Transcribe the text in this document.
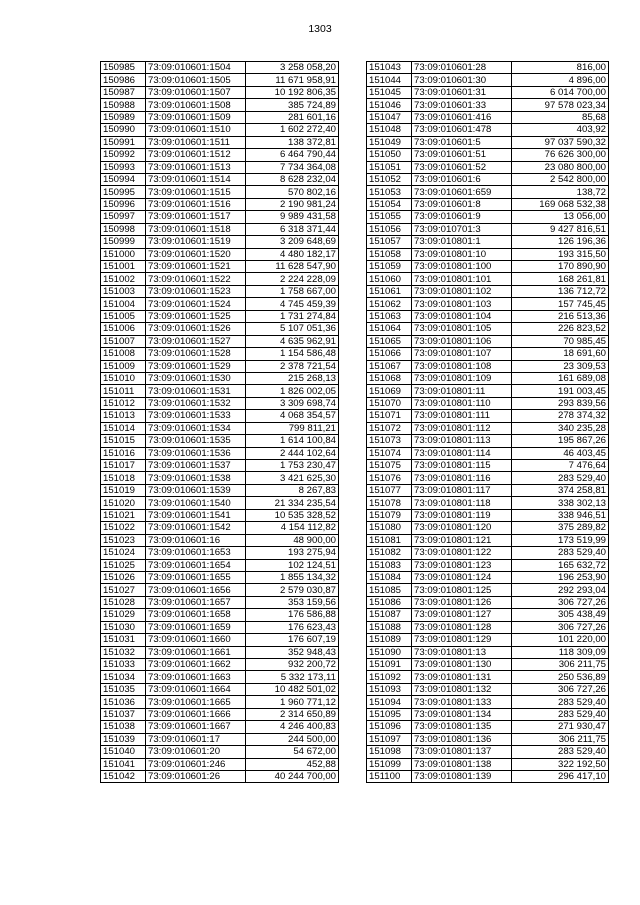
1303
150985	73:09:010601:1504	3 258 058,20
150986	73:09:010601:1505	11 671 958,91
150987	73:09:010601:1507	10 192 806,35
150988	73:09:010601:1508	385 724,89
150989	73:09:010601:1509	281 601,16
150990	73:09:010601:1510	1 602 272,40
150991	73:09:010601:1511	138 372,81
150992	73:09:010601:1512	6 464 790,44
150993	73:09:010601:1513	7 734 364,08
150994	73:09:010601:1514	8 628 232,04
150995	73:09:010601:1515	570 802,16
150996	73:09:010601:1516	2 190 981,24
150997	73:09:010601:1517	9 989 431,58
150998	73:09:010601:1518	6 318 371,44
150999	73:09:010601:1519	3 209 648,69
151000	73:09:010601:1520	4 480 182,17
151001	73:09:010601:1521	11 628 547,90
151002	73:09:010601:1522	2 224 228,09
151003	73:09:010601:1523	1 758 667,00
151004	73:09:010601:1524	4 745 459,39
151005	73:09:010601:1525	1 731 274,84
151006	73:09:010601:1526	5 107 051,36
151007	73:09:010601:1527	4 635 962,91
151008	73:09:010601:1528	1 154 586,48
151009	73:09:010601:1529	2 378 721,54
151010	73:09:010601:1530	215 268,13
151011	73:09:010601:1531	1 826 002,05
151012	73:09:010601:1532	3 309 698,74
151013	73:09:010601:1533	4 068 354,57
151014	73:09:010601:1534	799 811,21
151015	73:09:010601:1535	1 614 100,84
151016	73:09:010601:1536	2 444 102,64
151017	73:09:010601:1537	1 753 230,47
151018	73:09:010601:1538	3 421 625,30
151019	73:09:010601:1539	8 267,83
151020	73:09:010601:1540	21 334 235,54
151021	73:09:010601:1541	10 535 328,52
151022	73:09:010601:1542	4 154 112,82
151023	73:09:010601:16	48 900,00
151024	73:09:010601:1653	193 275,94
151025	73:09:010601:1654	102 124,51
151026	73:09:010601:1655	1 855 134,32
151027	73:09:010601:1656	2 579 030,87
151028	73:09:010601:1657	353 159,56
151029	73:09:010601:1658	176 586,88
151030	73:09:010601:1659	176 623,43
151031	73:09:010601:1660	176 607,19
151032	73:09:010601:1661	352 948,43
151033	73:09:010601:1662	932 200,72
151034	73:09:010601:1663	5 332 173,11
151035	73:09:010601:1664	10 482 501,02
151036	73:09:010601:1665	1 960 771,12
151037	73:09:010601:1666	2 314 650,89
151038	73:09:010601:1667	4 246 400,83
151039	73:09:010601:17	244 500,00
151040	73:09:010601:20	54 672,00
151041	73:09:010601:246	452,88
151042	73:09:010601:26	40 244 700,00
151043	73:09:010601:28	816,00
151044	73:09:010601:30	4 896,00
151045	73:09:010601:31	6 014 700,00
151046	73:09:010601:33	97 578 023,34
151047	73:09:010601:416	85,68
151048	73:09:010601:478	403,92
151049	73:09:010601:5	97 037 590,32
151050	73:09:010601:51	76 626 300,00
151051	73:09:010601:52	23 080 800,00
151052	73:09:010601:6	2 542 800,00
151053	73:09:010601:659	138,72
151054	73:09:010601:8	169 068 532,38
151055	73:09:010601:9	13 056,00
151056	73:09:010701:3	9 427 816,51
151057	73:09:010801:1	126 196,36
151058	73:09:010801:10	193 315,50
151059	73:09:010801:100	170 890,90
151060	73:09:010801:101	168 261,81
151061	73:09:010801:102	136 712,72
151062	73:09:010801:103	157 745,45
151063	73:09:010801:104	216 513,36
151064	73:09:010801:105	226 823,52
151065	73:09:010801:106	70 985,45
151066	73:09:010801:107	18 691,60
151067	73:09:010801:108	23 309,53
151068	73:09:010801:109	161 689,08
151069	73:09:010801:11	191 003,45
151070	73:09:010801:110	293 839,56
151071	73:09:010801:111	278 374,32
151072	73:09:010801:112	340 235,28
151073	73:09:010801:113	195 867,26
151074	73:09:010801:114	46 403,45
151075	73:09:010801:115	7 476,64
151076	73:09:010801:116	283 529,40
151077	73:09:010801:117	374 258,81
151078	73:09:010801:118	338 302,13
151079	73:09:010801:119	338 946,51
151080	73:09:010801:120	375 289,82
151081	73:09:010801:121	173 519,99
151082	73:09:010801:122	283 529,40
151083	73:09:010801:123	165 632,72
151084	73:09:010801:124	196 253,90
151085	73:09:010801:125	292 293,04
151086	73:09:010801:126	306 727,26
151087	73:09:010801:127	305 438,49
151088	73:09:010801:128	306 727,26
151089	73:09:010801:129	101 220,00
151090	73:09:010801:13	118 309,09
151091	73:09:010801:130	306 211,75
151092	73:09:010801:131	250 536,89
151093	73:09:010801:132	306 727,26
151094	73:09:010801:133	283 529,40
151095	73:09:010801:134	283 529,40
151096	73:09:010801:135	271 930,47
151097	73:09:010801:136	306 211,75
151098	73:09:010801:137	283 529,40
151099	73:09:010801:138	322 192,50
151100	73:09:010801:139	296 417,10
